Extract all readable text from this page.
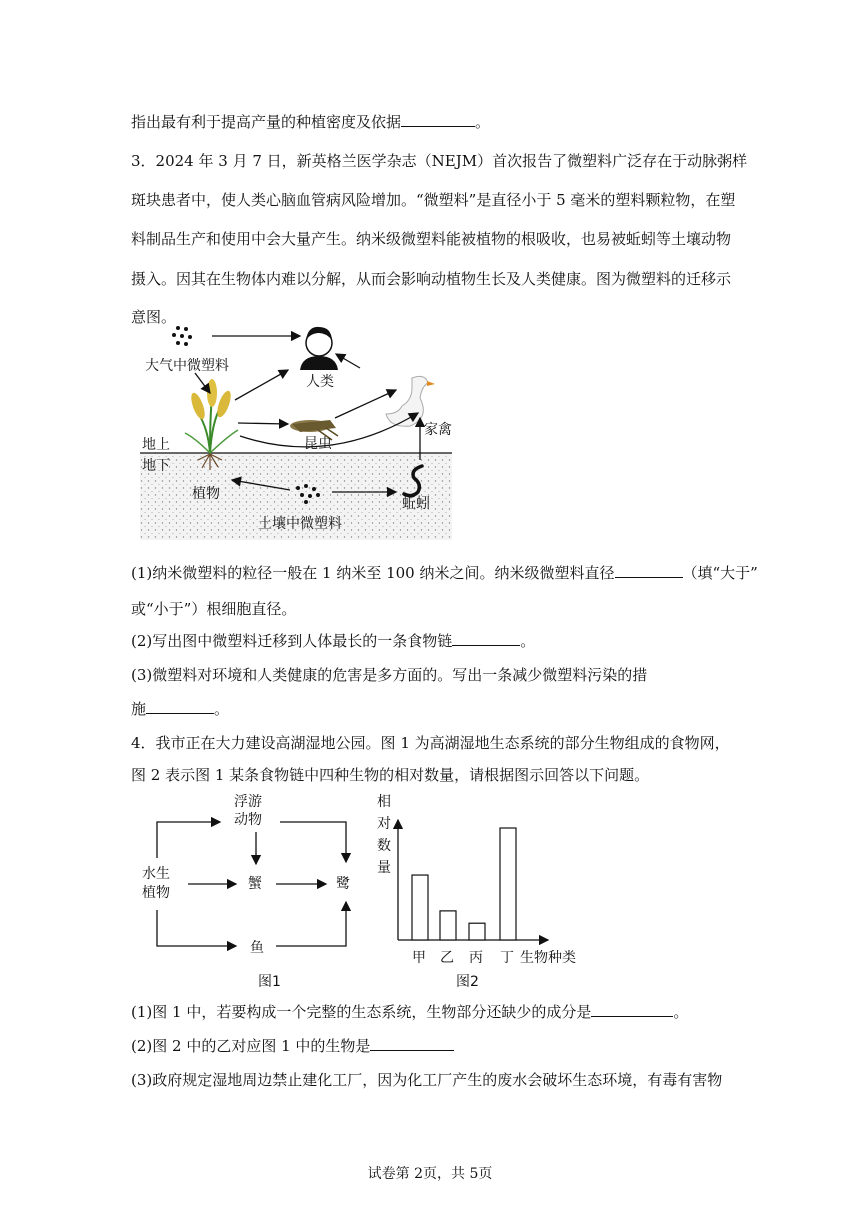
指出最有利于提高产量的种植密度及依据	。
3．2024 年 3 月 7 日，新英格兰医学杂志（NEJM）首次报告了微塑料广泛存在于动脉粥样
斑块患者中，使人类心脑血管病风险增加。“微塑料”是直径小于 5 毫米的塑料颗粒物，在塑
料制品生产和使用中会大量产生。纳米级微塑料能被植物的根吸收，也易被蚯蚓等土壤动物
摄入。因其在生物体内难以分解，从而会影响动植物生长及人类健康。图为微塑料的迁移示
意图。
大气中微塑料
人类
家禽
昆虫
地上
地下
植物
土壤中微塑料
蚯蚓
(1)纳米微塑料的粒径一般在 1 纳米至 100 纳米之间。纳米级微塑料直径	（填“大于”
或“小于”）根细胞直径。
(2)写出图中微塑料迁移到人体最长的一条食物链	。
(3)微塑料对环境和人类健康的危害是多方面的。写出一条减少微塑料污染的措
施	。
4．我市正在大力建设高湖湿地公园。图 1 为高湖湿地生态系统的部分生物组成的食物网，
图 2 表示图 1 某条食物链中四种生物的相对数量，请根据图示回答以下问题。
浮游
动物
水生
植物
蟹	鹭
鱼
图1
相
对
数
量
甲 乙 丙 丁 生物种类
图2
(1)图 1 中，若要构成一个完整的生态系统，生物部分还缺少的成分是	。
(2)图 2 中的乙对应图 1 中的生物是
(3)政府规定湿地周边禁止建化工厂，因为化工厂产生的废水会破坏生态环境，有毒有害物
试卷第 2页，共 5页
